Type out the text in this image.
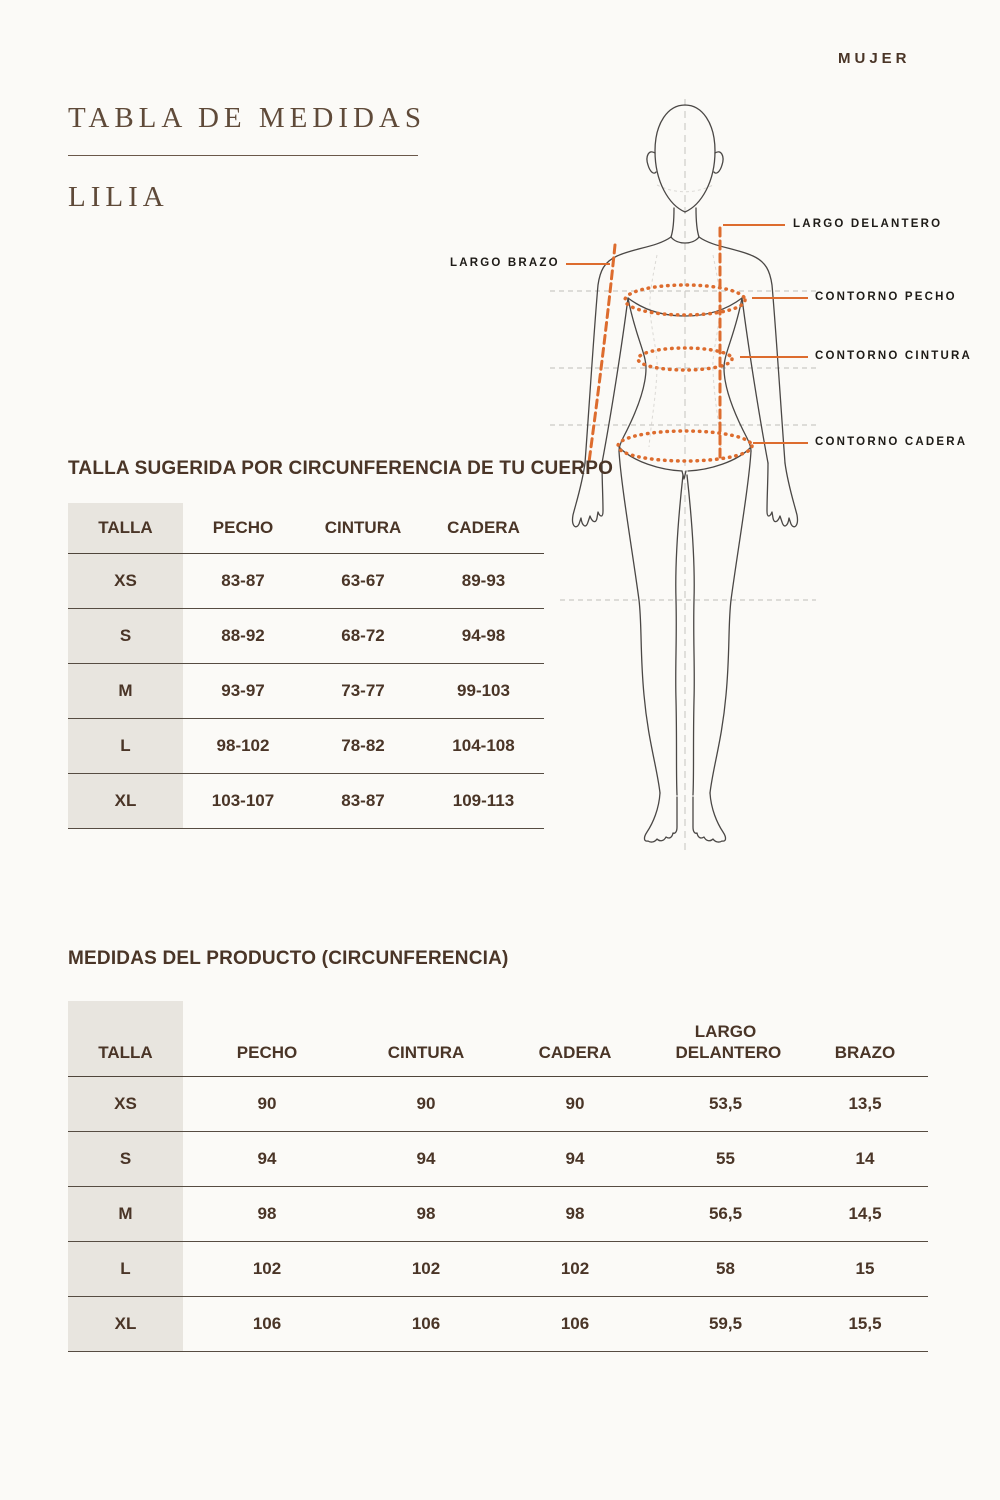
MUJER
TABLA DE MEDIDAS
LILIA
LARGO DELANTERO
LARGO BRAZO
CONTORNO PECHO
CONTORNO CINTURA
CONTORNO CADERA
TALLA SUGERIDA POR CIRCUNFERENCIA DE TU CUERPO
TALLA	PECHO	CINTURA	CADERA
XS	83-87	63-67	89-93
S	88-92	68-72	94-98
M	93-97	73-77	99-103
L	98-102	78-82	104-108
XL	103-107	83-87	109-113
MEDIDAS DEL PRODUCTO (CIRCUNFERENCIA)
TALLA	PECHO	CINTURA	CADERA	LARGO DELANTERO	BRAZO
XS	90	90	90	53,5	13,5
S	94	94	94	55	14
M	98	98	98	56,5	14,5
L	102	102	102	58	15
XL	106	106	106	59,5	15,5
